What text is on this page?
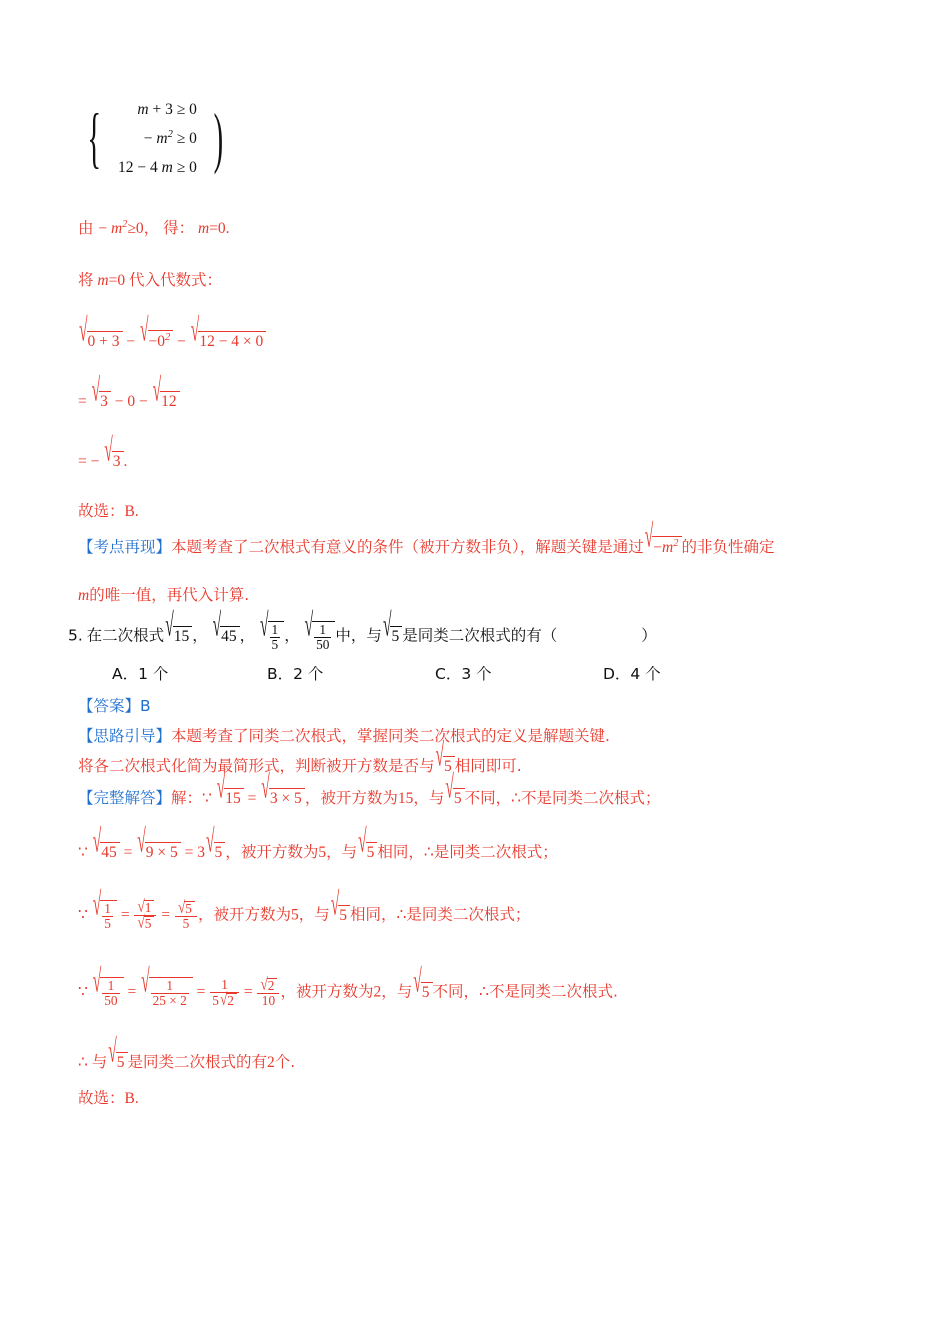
{	m + 3 ≥ 0
− $m^2 \ge 0$
12 − 4 m ≥ 0 )
由 − $m^2\ge 0$， 得： m=0.
将 m=0 代入代数式：
$√0 + 3 - √-0^2 - √12 - 4 \times 0$
= √3 − 0 − √12
= − √3 .
故选：B.
【考点再现】本题考查了二次根式有意义的条件（被开方数非负），解题关键是通过$√-m^2$ 的非负性确定
m的唯一值，再代入计算.
5. 在二次根式√15 ， √45 ， √ $\frac{1}{5}$ ， √ $\frac{1}{50}$ 中，与√5 是同类二次根式的有（	）
A．1 个	B．2 个	C．3 个	D．4 个
【答案】B
【思路引导】本题考查了同类二次根式，掌握同类二次根式的定义是解题关键.
将各二次根式化简为最简形式，判断被开方数是否与√5 相同即可.
【完整解答】解：∵ √15 = √3 × 5 ，被开方数为15，与√5 不同，∴不是同类二次根式；
∵ √45 = √9 × 5 = 3√5 ，被开方数为5，与√5 相同，∴是同类二次根式；
∵ √ $\frac{1}{5} = \frac{√1}{√5} = \frac{√5}{5}$ ，被开方数为5，与√5 相同，∴是同类二次根式；
∵ √ $\frac{1}{50}$ = √ $\frac{1}{25 \times 2} = \frac{1}{5√2} = \frac{√2}{10}$ ，被开方数为2，与√5 不同，∴不是同类二次根式.
∴ 与√5 是同类二次根式的有2个.
故选：B.
